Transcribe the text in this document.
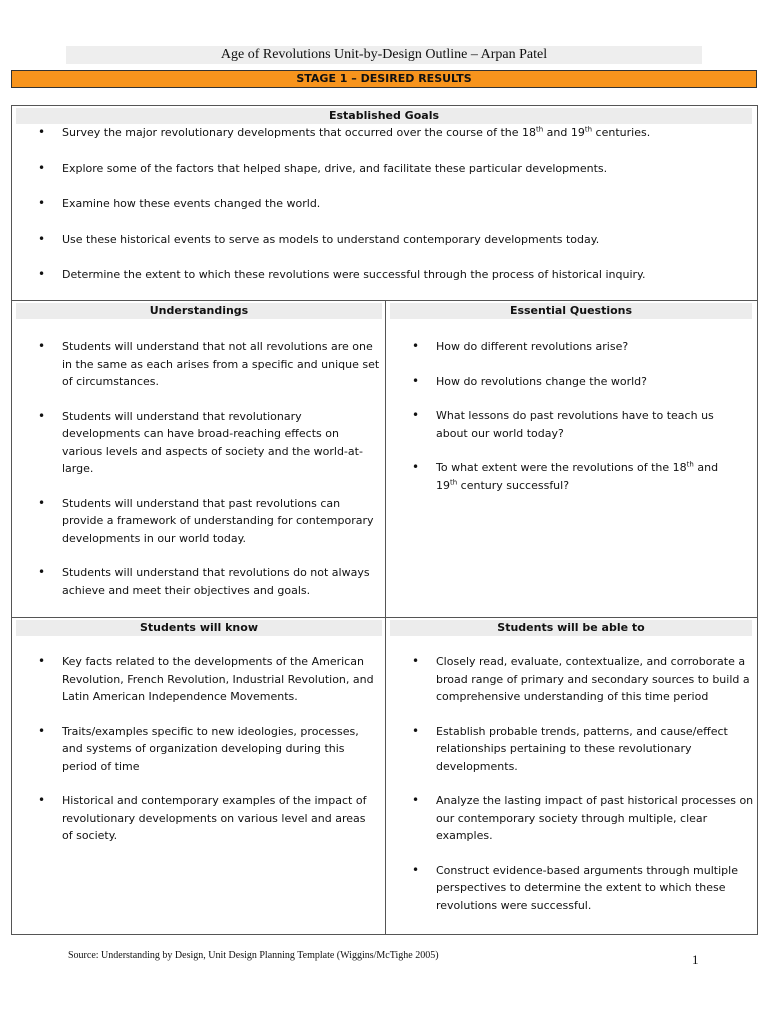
Age of Revolutions Unit-by-Design Outline – Arpan Patel
STAGE 1 – DESIRED RESULTS
Established Goals
• Survey the major revolutionary developments that occurred over the course of the 18th and 19th centuries.
• Explore some of the factors that helped shape, drive, and facilitate these particular developments.
• Examine how these events changed the world.
• Use these historical events to serve as models to understand contemporary developments today.
• Determine the extent to which these revolutions were successful through the process of historical inquiry.
Understandings	Essential Questions
• Students will understand that not all revolutions are one in the same as each arises from a specific and unique set of circumstances.
• Students will understand that revolutionary developments can have broad-reaching effects on various levels and aspects of society and the world-at-large.
• Students will understand that past revolutions can provide a framework of understanding for contemporary developments in our world today.
• Students will understand that revolutions do not always achieve and meet their objectives and goals.
• How do different revolutions arise?
• How do revolutions change the world?
• What lessons do past revolutions have to teach us about our world today?
• To what extent were the revolutions of the 18th and 19th century successful?
Students will know	Students will be able to
• Key facts related to the developments of the American Revolution, French Revolution, Industrial Revolution, and Latin American Independence Movements.
• Traits/examples specific to new ideologies, processes, and systems of organization developing during this period of time
• Historical and contemporary examples of the impact of revolutionary developments on various level and areas of society.
• Closely read, evaluate, contextualize, and corroborate a broad range of primary and secondary sources to build a comprehensive understanding of this time period
• Establish probable trends, patterns, and cause/effect relationships pertaining to these revolutionary developments.
• Analyze the lasting impact of past historical processes on our contemporary society through multiple, clear examples.
• Construct evidence-based arguments through multiple perspectives to determine the extent to which these revolutions were successful.
Source: Understanding by Design, Unit Design Planning Template (Wiggins/McTighe 2005)	1
